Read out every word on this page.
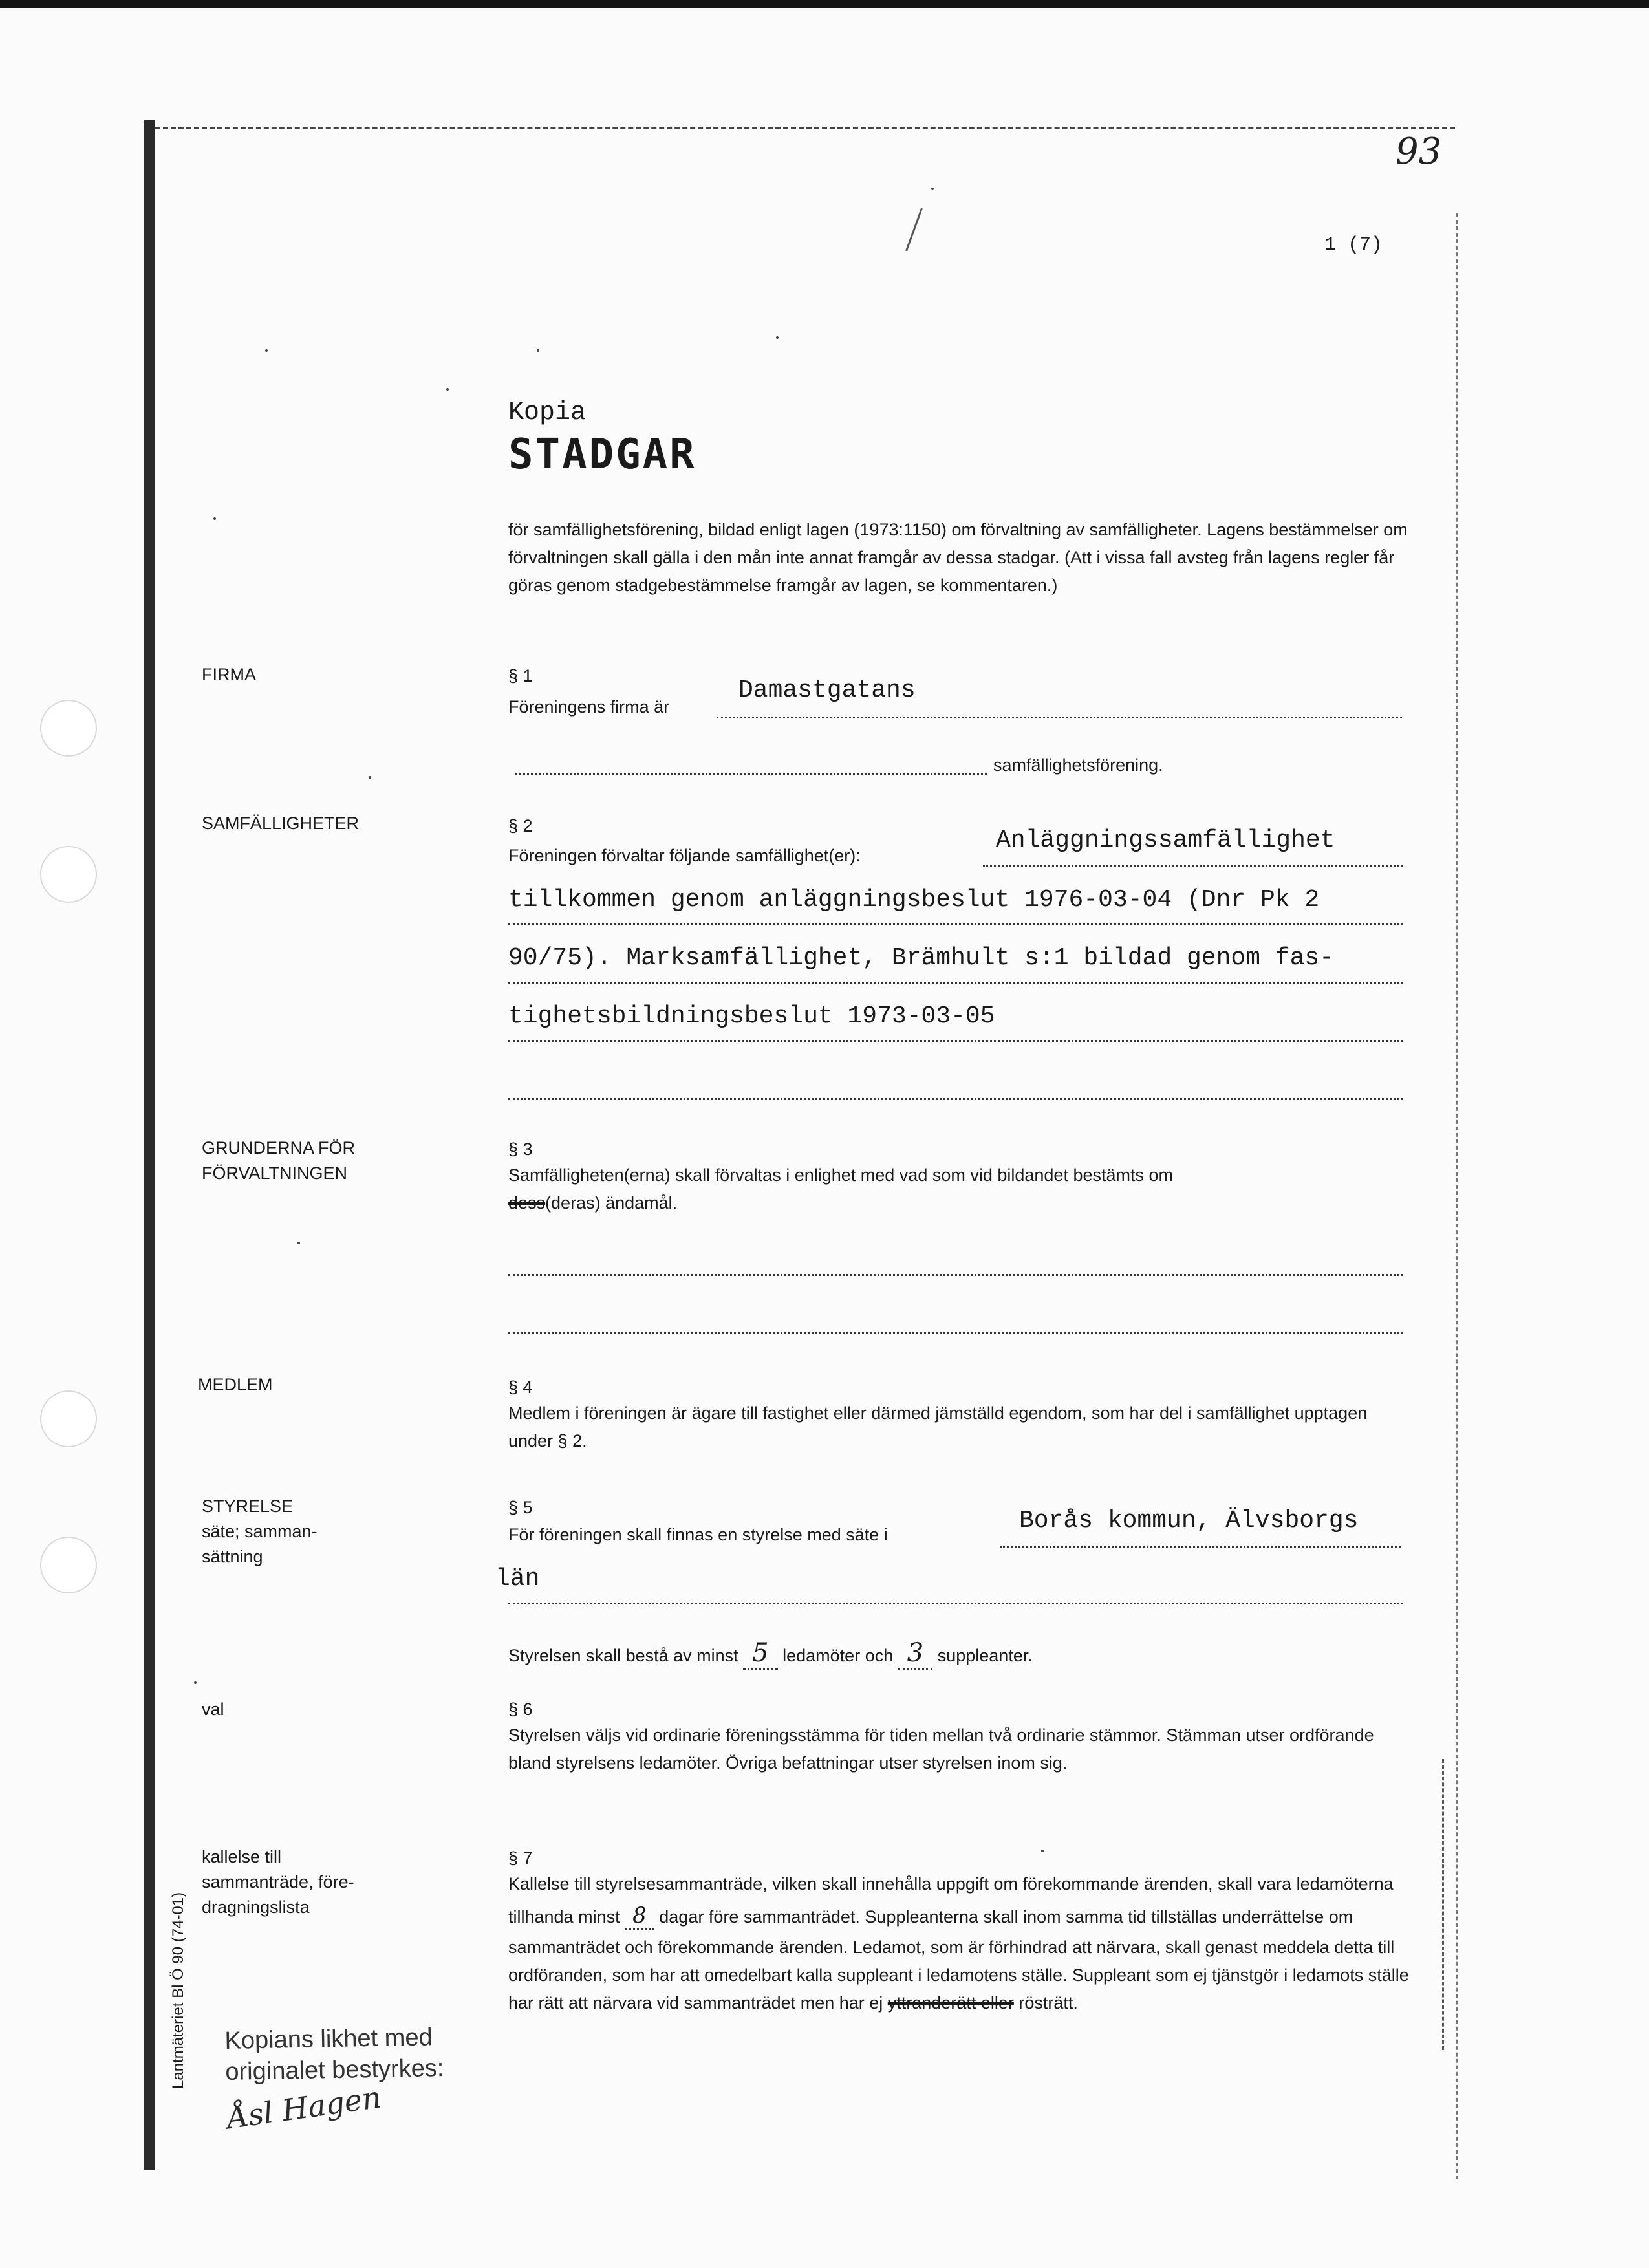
93
1 (7)
Kopia
STADGAR
för samfällighetsförening, bildad enligt lagen (1973:1150) om förvaltning av samfälligheter. Lagens bestämmelser om förvaltningen skall gälla i den mån inte annat framgår av dessa stadgar. (Att i vissa fall avsteg från lagens regler får göras genom stadgebestämmelse framgår av lagen, se kommentaren.)
FIRMA	§ 1
Föreningens firma är
Damastgatans
samfällighetsförening.
SAMFÄLLIGHETER	§ 2
Föreningen förvaltar följande samfällighet(er):
Anläggningssamfällighet
tillkommen genom anläggningsbeslut 1976-03-04 (Dnr Pk 2
90/75). Marksamfällighet, Brämhult s:1 bildad genom fas-
tighetsbildningsbeslut 1973-03-05
GRUNDERNA FÖR
FÖRVALTNINGEN
§ 3
Samfälligheten(erna) skall förvaltas i enlighet med vad som vid bildandet bestämts om
dess(deras) ändamål.
MEDLEM	§ 4
Medlem i föreningen är ägare till fastighet eller därmed jämställd egendom, som har del i samfällighet upptagen under § 2.
STYRELSE
säte; samman-
sättning
§ 5
För föreningen skall finnas en styrelse med säte i	Borås kommun, Älvsborgs
län
Styrelsen skall bestå av minst 5 ledamöter och 3 suppleanter.
val	§ 6
Styrelsen väljs vid ordinarie föreningsstämma för tiden mellan två ordinarie stämmor. Stämman utser ordförande bland styrelsens ledamöter. Övriga befattningar utser styrelsen inom sig.
kallelse till
sammanträde, före-
dragningslista
§ 7
Kallelse till styrelsesammanträde, vilken skall innehålla uppgift om förekommande ärenden, skall vara ledamöterna tillhanda minst 8 dagar före sammanträdet. Suppleanterna skall inom samma tid tillställas underrättelse om sammanträdet och förekommande ärenden. Ledamot, som är förhindrad att närvara, skall genast meddela detta till ordföranden, som har att omedelbart kalla suppleant i ledamotens ställe. Suppleant som ej tjänstgör i ledamots ställe har rätt att närvara vid sammanträdet men har ej yttranderätt eller rösträtt.
Lantmäteriet Bl Ö 90 (74-01) Kopians likhet med
originalet bestyrkes:
Åsl Hagen
